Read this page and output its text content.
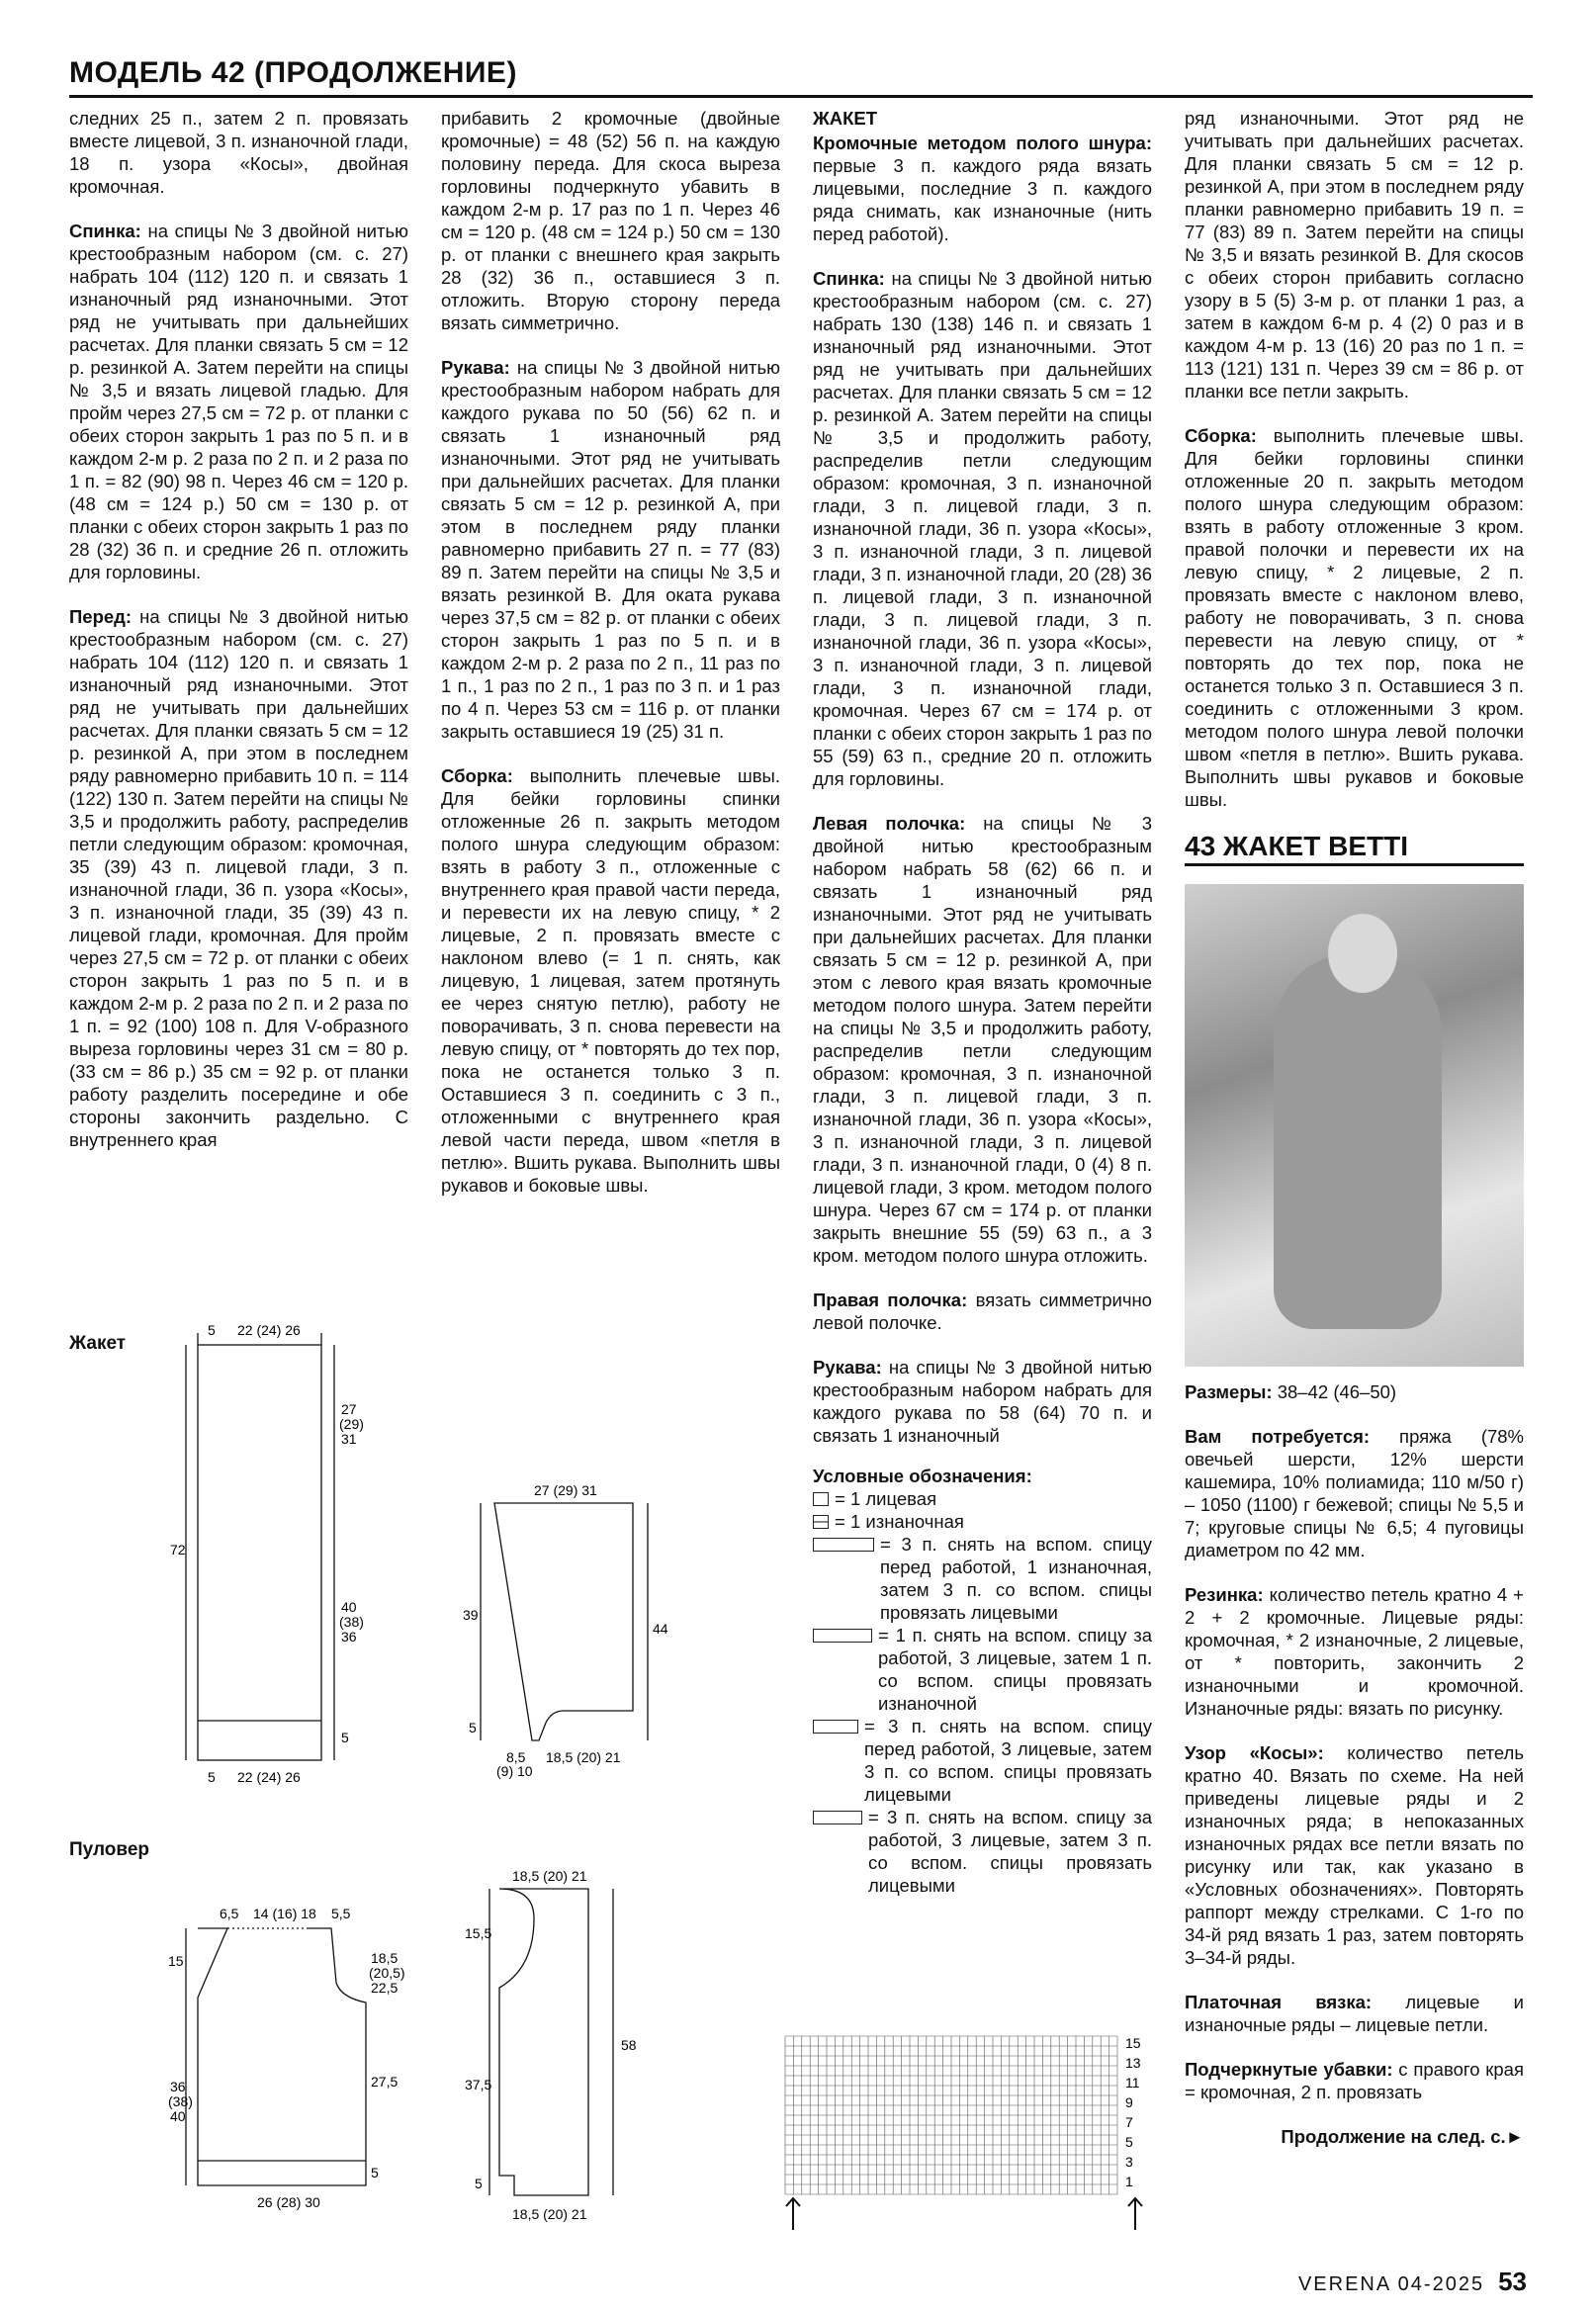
МОДЕЛЬ 42 (ПРОДОЛЖЕНИЕ)

следних 25 п., затем 2 п. провязать вместе лицевой, 3 п. изнаночной глади, 18 п. узора «Косы», двойная кромочная.

Спинка: на спицы № 3 двойной нитью крестообразным набором (см. с. 27) набрать 104 (112) 120 п. и связать 1 изнаночный ряд изнаночными. Этот ряд не учитывать при дальнейших расчетах. Для планки связать 5 см = 12 р. резинкой А. Затем перейти на спицы № 3,5 и вязать лицевой гладью. Для пройм через 27,5 см = 72 р. от планки с обеих сторон закрыть 1 раз по 5 п. и в каждом 2-м р. 2 раза по 2 п. и 2 раза по 1 п. = 82 (90) 98 п. Через 46 см = 120 р. (48 см = 124 р.) 50 см = 130 р. от планки с обеих сторон закрыть 1 раз по 28 (32) 36 п. и средние 26 п. отложить для горловины.

Перед: на спицы № 3 двойной нитью крестообразным набором (см. с. 27) набрать 104 (112) 120 п. и связать 1 изнаночный ряд изнаночными. Этот ряд не учитывать при дальнейших расчетах. Для планки связать 5 см = 12 р. резинкой А, при этом в последнем ряду равномерно прибавить 10 п. = 114 (122) 130 п. Затем перейти на спицы № 3,5 и продолжить работу, распределив петли следующим образом: кромочная, 35 (39) 43 п. лицевой глади, 3 п. изнаночной глади, 36 п. узора «Косы», 3 п. изнаночной глади, 35 (39) 43 п. лицевой глади, кромочная. Для пройм через 27,5 см = 72 р. от планки с обеих сторон закрыть 1 раз по 5 п. и в каждом 2-м р. 2 раза по 2 п. и 2 раза по 1 п. = 92 (100) 108 п. Для V-образного выреза горловины через 31 см = 80 р. (33 см = 86 р.) 35 см = 92 р. от планки работу разделить посередине и обе стороны закончить раздельно. С внутреннего края

прибавить 2 кромочные (двойные кромочные) = 48 (52) 56 п. на каждую половину переда. Для скоса выреза горловины подчеркнуто убавить в каждом 2-м р. 17 раз по 1 п. Через 46 см = 120 р. (48 см = 124 р.) 50 см = 130 р. от планки с внешнего края закрыть 28 (32) 36 п., оставшиеся 3 п. отложить. Вторую сторону переда вязать симметрично.

Рукава: на спицы № 3 двойной нитью крестообразным набором набрать для каждого рукава по 50 (56) 62 п. и связать 1 изнаночный ряд изнаночными. Этот ряд не учитывать при дальнейших расчетах. Для планки связать 5 см = 12 р. резинкой А, при этом в последнем ряду планки равномерно прибавить 27 п. = 77 (83) 89 п. Затем перейти на спицы № 3,5 и вязать резинкой В. Для оката рукава через 37,5 см = 82 р. от планки с обеих сторон закрыть 1 раз по 5 п. и в каждом 2-м р. 2 раза по 2 п., 11 раз по 1 п., 1 раз по 2 п., 1 раз по 3 п. и 1 раз по 4 п. Через 53 см = 116 р. от планки закрыть оставшиеся 19 (25) 31 п.

Сборка: выполнить плечевые швы. Для бейки горловины спинки отложенные 26 п. закрыть методом полого шнура следующим образом: взять в работу 3 п., отложенные с внутреннего края правой части переда, и перевести их на левую спицу, * 2 лицевые, 2 п. провязать вместе с наклоном влево (= 1 п. снять, как лицевую, 1 лицевая, затем протянуть ее через снятую петлю), работу не поворачивать, 3 п. снова перевести на левую спицу, от * повторять до тех пор, пока не останется только 3 п. Оставшиеся 3 п. соединить с 3 п., отложенными с внутреннего края левой части переда, швом «петля в петлю». Вшить рукава. Выполнить швы рукавов и боковые швы.

ЖАКЕТ

Кромочные методом полого шнура: первые 3 п. каждого ряда вязать лицевыми, последние 3 п. каждого ряда снимать, как изнаночные (нить перед работой).

Спинка: на спицы № 3 двойной нитью крестообразным набором (см. с. 27) набрать 130 (138) 146 п. и связать 1 изнаночный ряд изнаночными. Этот ряд не учитывать при дальнейших расчетах. Для планки связать 5 см = 12 р. резинкой А. Затем перейти на спицы № 3,5 и продолжить работу, распределив петли следующим образом: кромочная, 3 п. изнаночной глади, 3 п. лицевой глади, 3 п. изнаночной глади, 36 п. узора «Косы», 3 п. изнаночной глади, 3 п. лицевой глади, 3 п. изнаночной глади, 20 (28) 36 п. лицевой глади, 3 п. изнаночной глади, 3 п. лицевой глади, 3 п. изнаночной глади, 36 п. узора «Косы», 3 п. изнаночной глади, 3 п. лицевой глади, 3 п. изнаночной глади, кромочная. Через 67 см = 174 р. от планки с обеих сторон закрыть 1 раз по 55 (59) 63 п., средние 20 п. отложить для горловины.

Левая полочка: на спицы № 3 двойной нитью крестообразным набором набрать 58 (62) 66 п. и связать 1 изнаночный ряд изнаночными. Этот ряд не учитывать при дальнейших расчетах. Для планки связать 5 см = 12 р. резинкой А, при этом с левого края вязать кромочные методом полого шнура. Затем перейти на спицы № 3,5 и продолжить работу, распределив петли следующим образом: кромочная, 3 п. изнаночной глади, 3 п. лицевой глади, 3 п. изнаночной глади, 36 п. узора «Косы», 3 п. изнаночной глади, 3 п. лицевой глади, 3 п. изнаночной глади, 0 (4) 8 п. лицевой глади, 3 кром. методом полого шнура. Через 67 см = 174 р. от планки закрыть внешние 55 (59) 63 п., а 3 кром. методом полого шнура отложить.

Правая полочка: вязать симметрично левой полочке.

Рукава: на спицы № 3 двойной нитью крестообразным набором набрать для каждого рукава по 58 (64) 70 п. и связать 1 изнаночный

Условные обозначения:
= 1 лицевая
= 1 изнаночная
= 3 п. снять на вспом. спицу перед работой, 1 изнаночная, затем 3 п. со вспом. спицы провязать лицевыми
= 1 п. снять на вспом. спицу за работой, 3 лицевые, затем 1 п. со вспом. спицы провязать изнаночной
= 3 п. снять на вспом. спицу перед работой, 3 лицевые, затем 3 п. со вспом. спицы провязать лицевыми
= 3 п. снять на вспом. спицу за работой, 3 лицевые, затем 3 п. со вспом. спицы провязать лицевыми

ряд изнаночными. Этот ряд не учитывать при дальнейших расчетах. Для планки связать 5 см = 12 р. резинкой А, при этом в последнем ряду планки равномерно прибавить 19 п. = 77 (83) 89 п. Затем перейти на спицы № 3,5 и вязать резинкой В. Для скосов с обеих сторон прибавить согласно узору в 5 (5) 3-м р. от планки 1 раз, а затем в каждом 6-м р. 4 (2) 0 раз и в каждом 4-м р. 13 (16) 20 раз по 1 п. = 113 (121) 131 п. Через 39 см = 86 р. от планки все петли закрыть.

Сборка: выполнить плечевые швы. Для бейки горловины спинки отложенные 20 п. закрыть методом полого шнура следующим образом: взять в работу отложенные 3 кром. правой полочки и перевести их на левую спицу, * 2 лицевые, 2 п. провязать вместе с наклоном влево, работу не поворачивать, 3 п. снова перевести на левую спицу, от * повторять до тех пор, пока не останется только 3 п. Оставшиеся 3 п. соединить с отложенными 3 кром. методом полого шнура левой полочки швом «петля в петлю». Вшить рукава. Выполнить швы рукавов и боковые швы.

43 ЖАКЕТ BETTI

Размеры: 38–42 (46–50)

Вам потребуется: пряжа (78% овечьей шерсти, 12% шерсти кашемира, 10% полиамида; 110 м/50 г) – 1050 (1100) г бежевой; спицы № 5,5 и 7; круговые спицы № 6,5; 4 пуговицы диаметром по 42 мм.

Резинка: количество петель кратно 4 + 2 + 2 кромочные. Лицевые ряды: кромочная, * 2 изнаночные, 2 лицевые, от * повторить, закончить 2 изнаночными и кромочной. Изнаночные ряды: вязать по рисунку.

Узор «Косы»: количество петель кратно 40. Вязать по схеме. На ней приведены лицевые ряды и 2 изнаночных ряда; в непоказанных изнаночных рядах все петли вязать по рисунку или так, как указано в «Условных обозначениях». Повторять раппорт между стрелками. С 1-го по 34-й ряд вязать 1 раз, затем повторять 3–34-й ряды.

Платочная вязка: лицевые и изнаночные ряды – лицевые петли.

Подчеркнутые убавки: с правого края = кромочная, 2 п. провязать

Продолжение на след. с.►
Жакет
Пуловер
5 22 (24) 26
72
27
(29)
31
40
(38)
36
5
5 22 (24) 26
27 (29) 31
39
44
5
8,5
(9) 10
18,5 (20) 21
6,5 14 (16) 18 5,5
15	18,5
(20,5)
22,5
36
(38)
40
27,5
5
26 (28) 30
18,5 (20) 21
15,5
37,5
58
5
18,5 (20) 21
15
13
11
9
7
5
3
1
VERENA 04-2025 53
